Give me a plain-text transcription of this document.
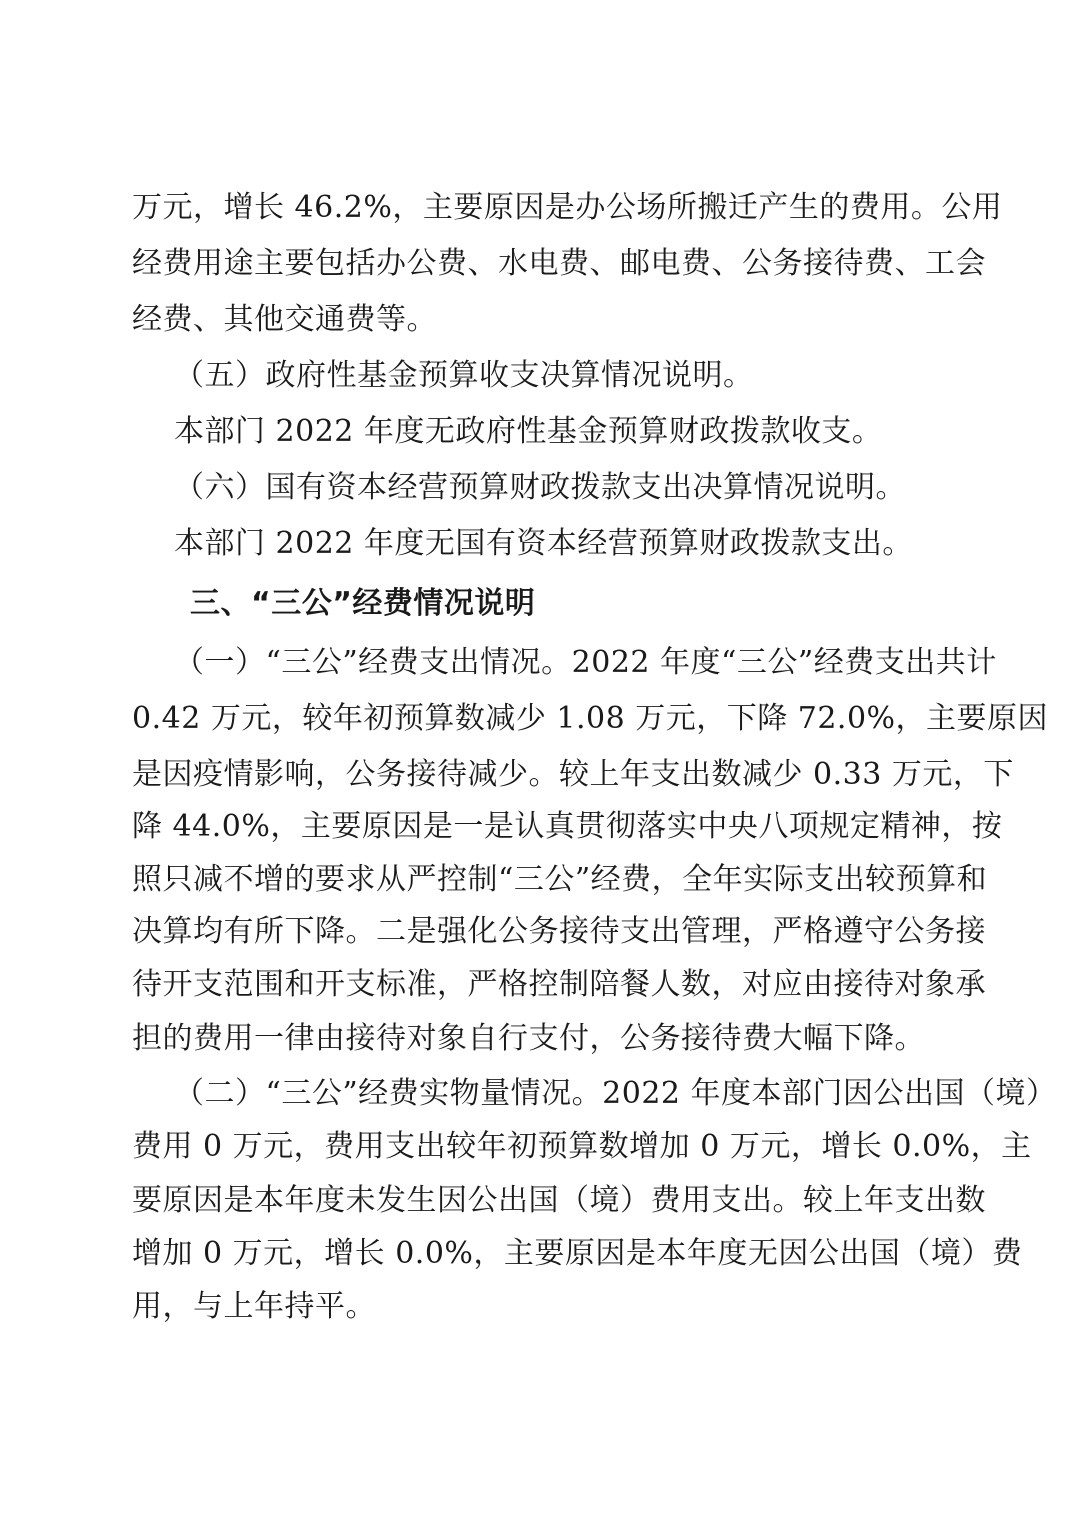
万元，增长 46.2%，主要原因是办公场所搬迁产生的费用。公用
经费用途主要包括办公费、水电费、邮电费、公务接待费、工会
经费、其他交通费等。
（五）政府性基金预算收支决算情况说明。
本部门 2022 年度无政府性基金预算财政拨款收支。
（六）国有资本经营预算财政拨款支出决算情况说明。
本部门 2022 年度无国有资本经营预算财政拨款支出。
三、“三公”经费情况说明
（一）“三公”经费支出情况。2022 年度“三公”经费支出共计
0.42 万元，较年初预算数减少 1.08 万元，下降 72.0%，主要原因
是因疫情影响，公务接待减少。较上年支出数减少 0.33 万元，下
降 44.0%，主要原因是一是认真贯彻落实中央八项规定精神，按
照只减不增的要求从严控制“三公”经费，全年实际支出较预算和
决算均有所下降。二是强化公务接待支出管理，严格遵守公务接
待开支范围和开支标准，严格控制陪餐人数，对应由接待对象承
担的费用一律由接待对象自行支付，公务接待费大幅下降。
（二）“三公”经费实物量情况。2022 年度本部门因公出国（境）
费用 0 万元，费用支出较年初预算数增加 0 万元，增长 0.0%，主
要原因是本年度未发生因公出国（境）费用支出。较上年支出数
增加 0 万元，增长 0.0%，主要原因是本年度无因公出国（境）费
用，与上年持平。
